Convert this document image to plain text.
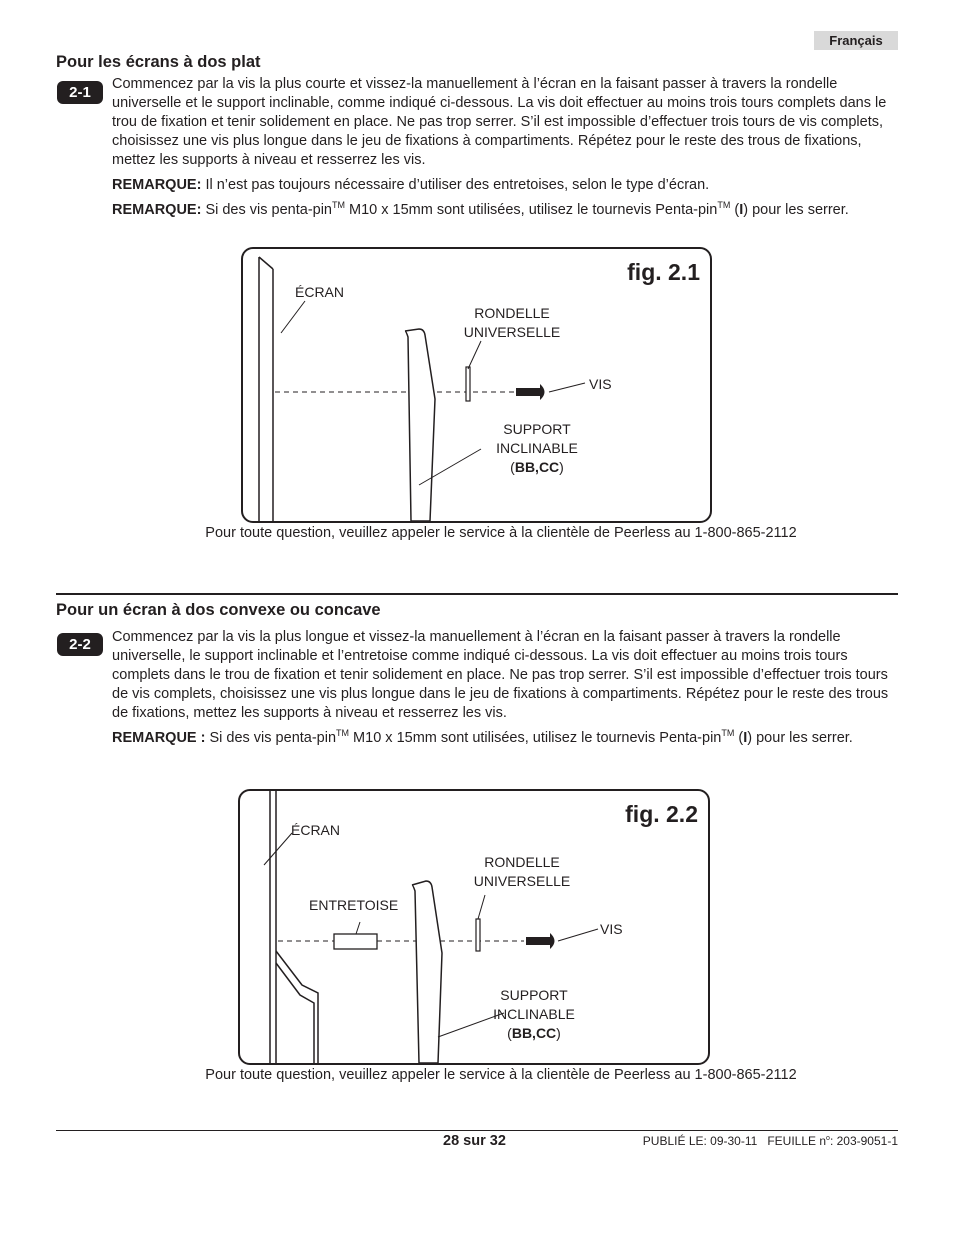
Français
Pour les écrans à dos plat
2-1	Commencez par la vis la plus courte et vissez-la manuellement à l’écran en la faisant passer à travers la rondelle universelle et le support inclinable, comme indiqué ci-dessous. La vis doit effectuer au moins trois tours complets dans le trou de fixation et tenir solidement en place. Ne pas trop serrer. S’il est impossible d’effectuer trois tours de vis complets, choisissez une vis plus longue dans le jeu de fixations à compartiments. Répétez pour le reste des trous de fixations, mettez les supports à niveau et resserrez les vis.

REMARQUE: Il n’est pas toujours nécessaire d’utiliser des entretoises, selon le type d’écran.

REMARQUE: Si des vis penta-pin™ M10 x 15mm sont utilisées, utilisez le tournevis Penta-pin™ (I) pour les serrer.

fig. 2.1
ÉCRAN
RONDELLE
UNIVERSELLE
VIS
SUPPORT
INCLINABLE
(BB,CC)
Pour toute question, veuillez appeler le service à la clientèle de Peerless au 1-800-865-2112
Pour un écran à dos convexe ou concave
2-2	Commencez par la vis la plus longue et vissez-la manuellement à l’écran en la faisant passer à travers la rondelle universelle, le support inclinable et l’entretoise comme indiqué ci-dessous. La vis doit effectuer au moins trois tours complets dans le trou de fixation et tenir solidement en place. Ne pas trop serrer. S’il est impossible d’effectuer trois tours de vis complets, choisissez une vis plus longue dans le jeu de fixations à compartiments. Répétez pour le reste des trous de fixations, mettez les supports à niveau et resserrez les vis.

REMARQUE : Si des vis penta-pin™ M10 x 15mm sont utilisées, utilisez le tournevis Penta-pin™ (I) pour les serrer.

fig. 2.2
ÉCRAN
ENTRETOISE
RONDELLE
UNIVERSELLE
VIS
SUPPORT
INCLINABLE
(BB,CC)
Pour toute question, veuillez appeler le service à la clientèle de Peerless au 1-800-865-2112
28 sur 32	PUBLIÉ LE: 09-30-11 FEUILLE $n^o$: 203-9051-1
